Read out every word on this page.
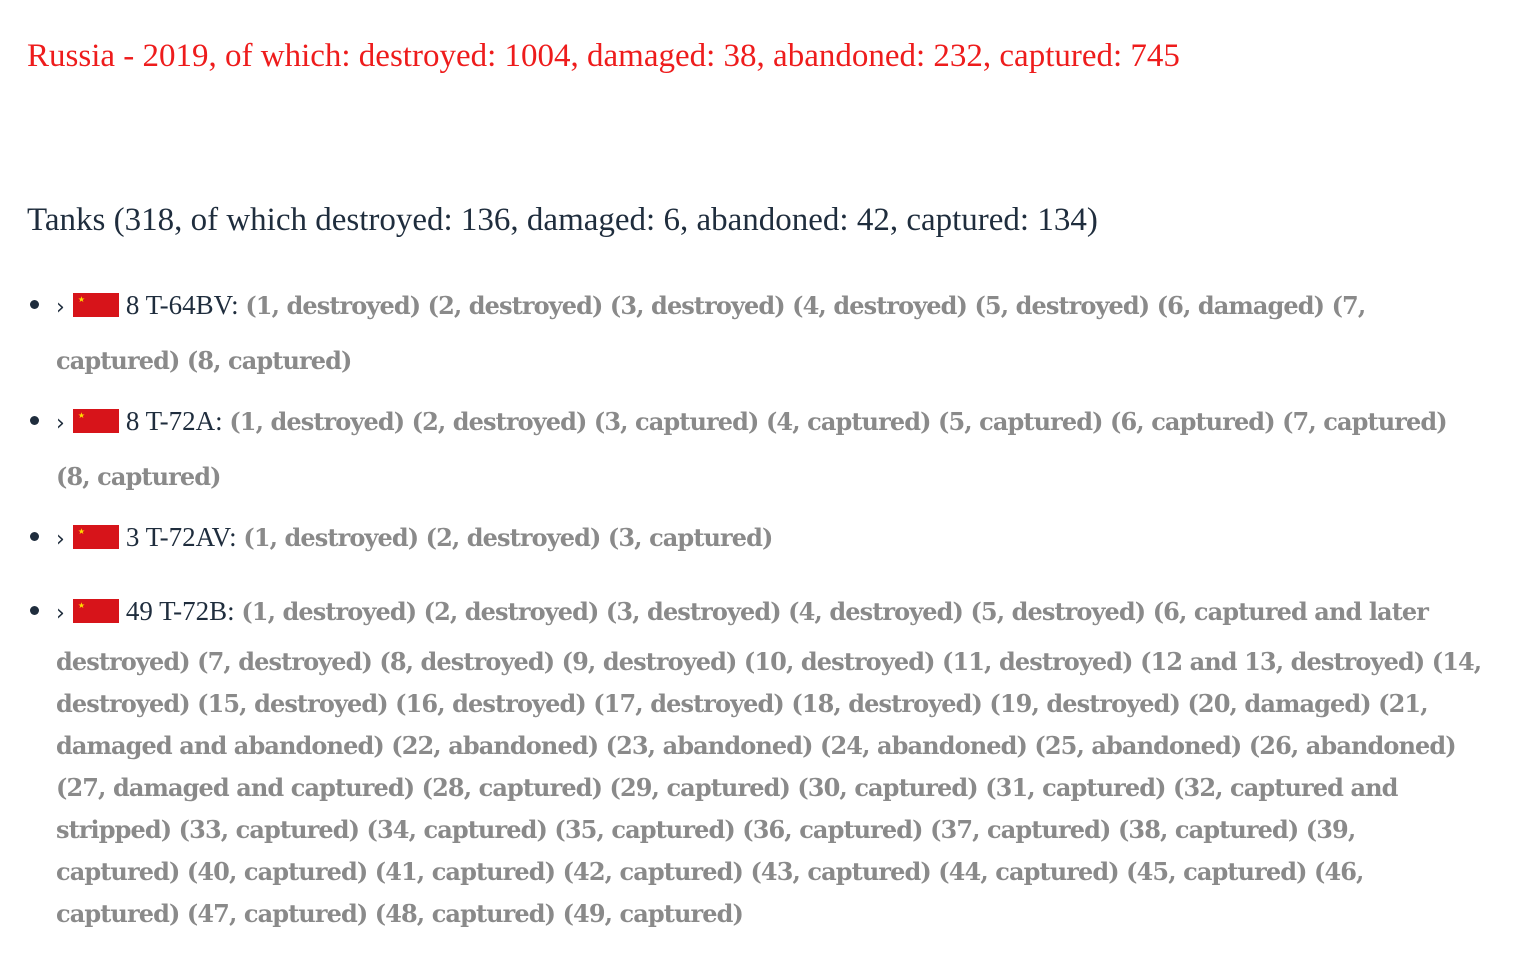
Russia - 2019, of which: destroyed: 1004, damaged: 38, abandoned: 232, captured: 745
Tanks (318, of which destroyed: 136, damaged: 6, abandoned: 42, captured: 134)
› ★ 8 T-64BV: (1, destroyed) (2, destroyed) (3, destroyed) (4, destroyed) (5, destroyed) (6, damaged) (7,
captured) (8, captured)
› ★ 8 T-72A: (1, destroyed) (2, destroyed) (3, captured) (4, captured) (5, captured) (6, captured) (7, captured)
(8, captured)
› ★ 3 T-72AV: (1, destroyed) (2, destroyed) (3, captured)
› ★ 49 T-72B: (1, destroyed) (2, destroyed) (3, destroyed) (4, destroyed) (5, destroyed) (6, captured and later
destroyed) (7, destroyed) (8, destroyed) (9, destroyed) (10, destroyed) (11, destroyed) (12 and 13, destroyed) (14,
destroyed) (15, destroyed) (16, destroyed) (17, destroyed) (18, destroyed) (19, destroyed) (20, damaged) (21,
damaged and abandoned) (22, abandoned) (23, abandoned) (24, abandoned) (25, abandoned) (26, abandoned)
(27, damaged and captured) (28, captured) (29, captured) (30, captured) (31, captured) (32, captured and
stripped) (33, captured) (34, captured) (35, captured) (36, captured) (37, captured) (38, captured) (39,
captured) (40, captured) (41, captured) (42, captured) (43, captured) (44, captured) (45, captured) (46,
captured) (47, captured) (48, captured) (49, captured)
